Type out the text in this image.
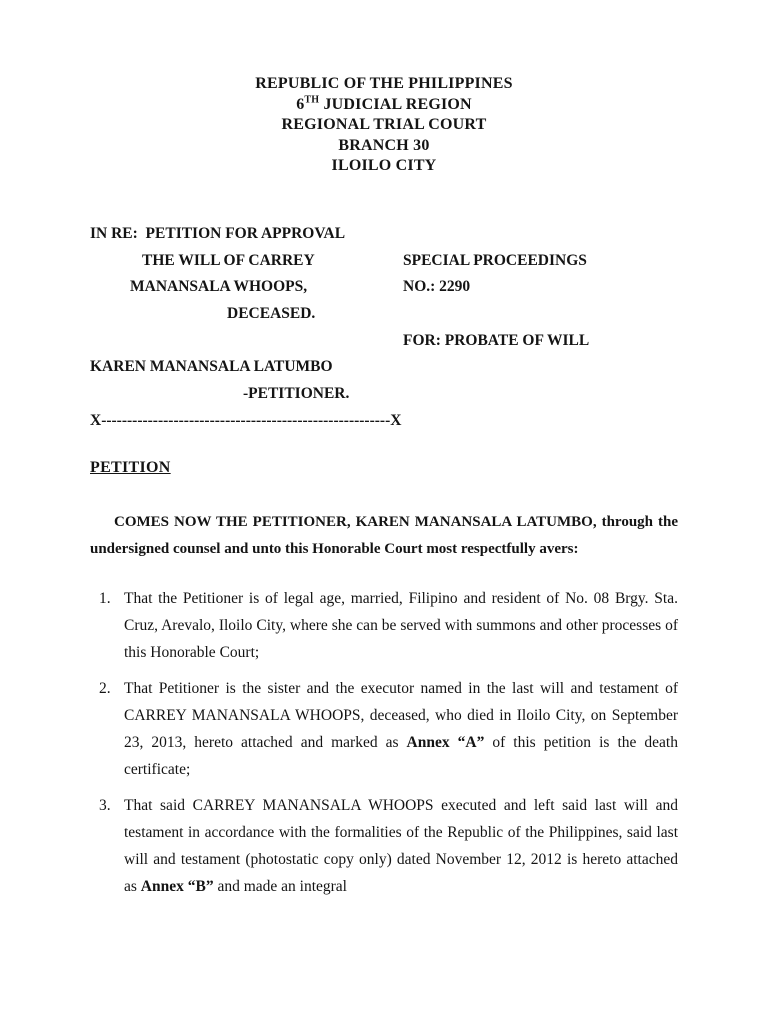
REPUBLIC OF THE PHILIPPINES
6TH JUDICIAL REGION
REGIONAL TRIAL COURT
BRANCH 30
ILOILO CITY
IN RE:  PETITION FOR APPROVAL
THE WILL OF CARREY
MANANSALA WHOOPS,
DECEASED.
KAREN MANANSALA LATUMBO
-PETITIONER.
X--------------------------------------------------------X
SPECIAL PROCEEDINGS
NO.: 2290
FOR: PROBATE OF WILL
PETITION

COMES NOW THE PETITIONER, KAREN MANANSALA LATUMBO, through the undersigned counsel and unto this Honorable Court most respectfully avers:

1. That the Petitioner is of legal age, married, Filipino and resident of No. 08 Brgy. Sta. Cruz, Arevalo, Iloilo City, where she can be served with summons and other processes of this Honorable Court;
2. That Petitioner is the sister and the executor named in the last will and testament of CARREY MANANSALA WHOOPS, deceased, who died in Iloilo City, on September 23, 2013, hereto attached and marked as Annex “A” of this petition is the death certificate;
3. That said CARREY MANANSALA WHOOPS executed and left said last will and testament in accordance with the formalities of the Republic of the Philippines, said last will and testament (photostatic copy only) dated November 12, 2012 is hereto attached as Annex “B” and made an integral
